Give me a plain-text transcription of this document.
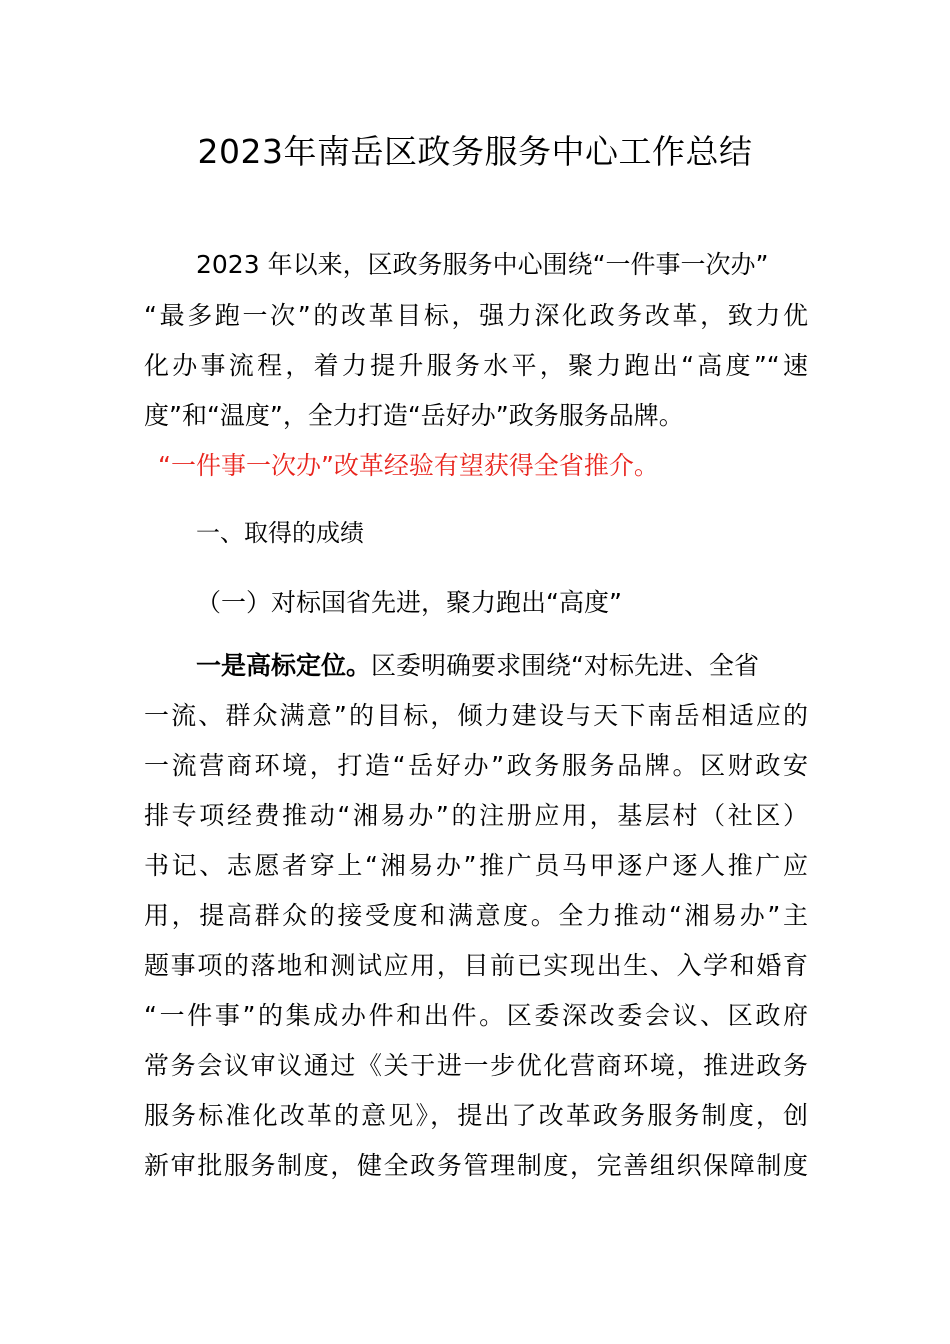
2023年南岳区政务服务中心工作总结
2023 年以来，区政务服务中心围绕“一件事一次办”
“最多跑一次”的改革目标，强力深化政务改革，致力优
化办事流程，着力提升服务水平，聚力跑出“高度”“速
度”和“温度”，全力打造“岳好办”政务服务品牌。
“一件事一次办”改革经验有望获得全省推介。
一、取得的成绩
（一）对标国省先进，聚力跑出“高度”
一是高标定位。区委明确要求围绕“对标先进、全省
一流、群众满意”的目标，倾力建设与天下南岳相适应的
一流营商环境，打造“岳好办”政务服务品牌。区财政安
排专项经费推动“湘易办”的注册应用，基层村（社区）
书记、志愿者穿上“湘易办”推广员马甲逐户逐人推广应
用，提高群众的接受度和满意度。全力推动“湘易办”主
题事项的落地和测试应用，目前已实现出生、入学和婚育
“一件事”的集成办件和出件。区委深改委会议、区政府
常务会议审议通过《关于进一步优化营商环境，推进政务
服务标准化改革的意见》，提出了改革政务服务制度，创
新审批服务制度，健全政务管理制度，完善组织保障制度
